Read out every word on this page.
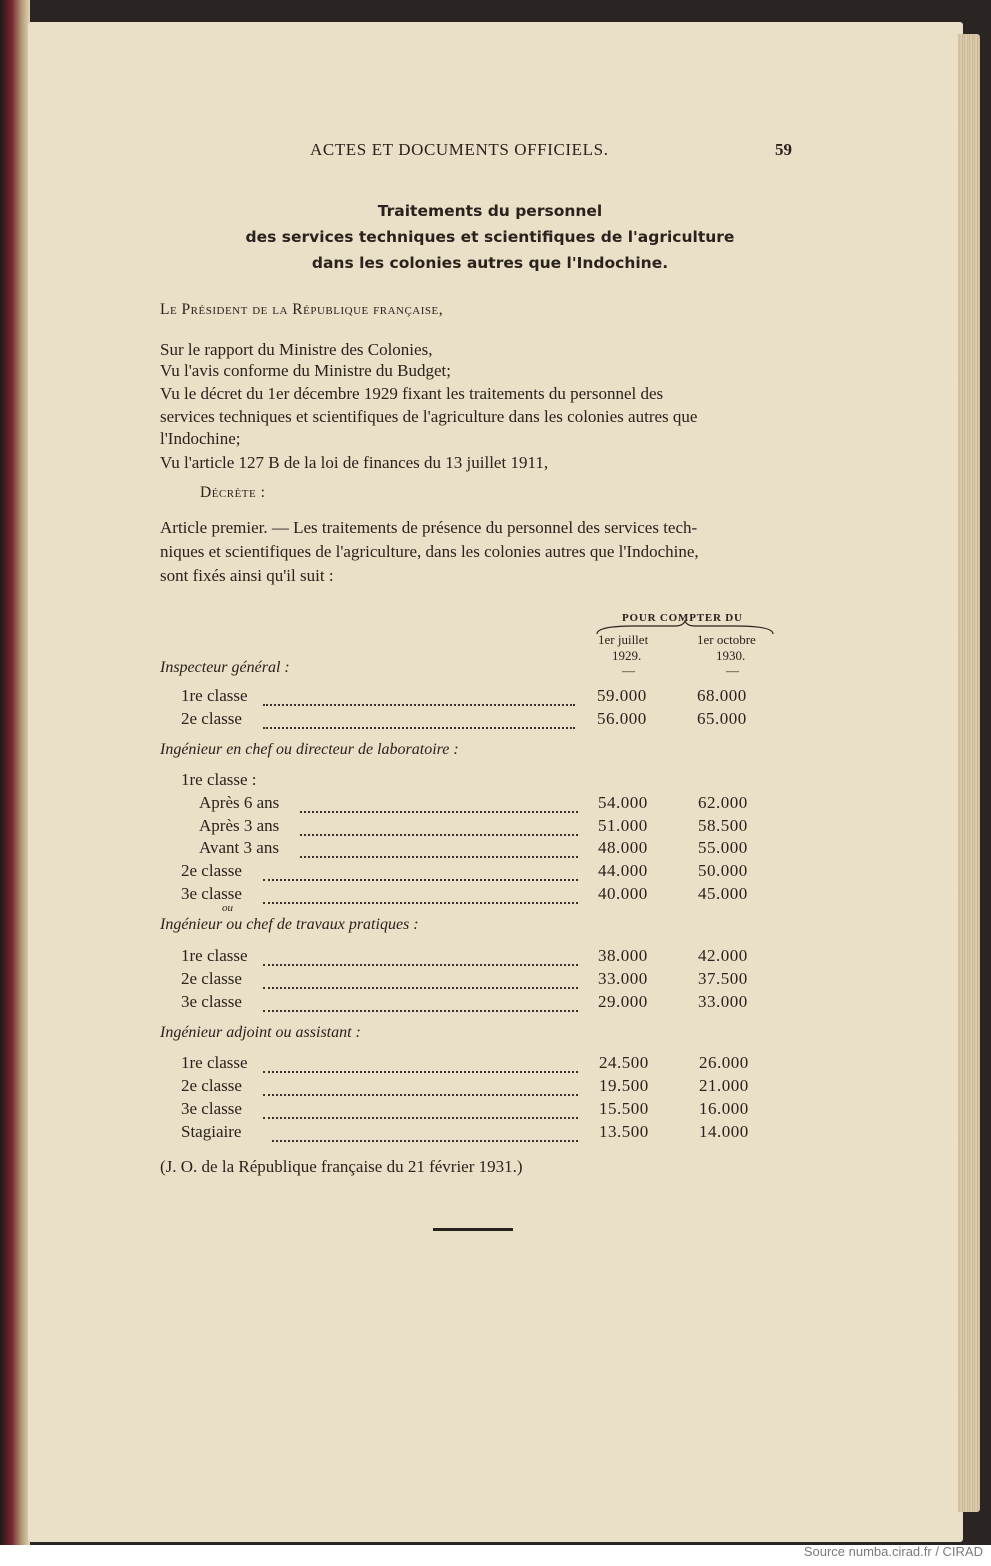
ACTES ET DOCUMENTS OFFICIELS.	59
Traitements du personnel
des services techniques et scientifiques de l'agriculture
dans les colonies autres que l'Indochine.
Le Président de la République française,
Sur le rapport du Ministre des Colonies,
Vu l'avis conforme du Ministre du Budget;
Vu le décret du 1er décembre 1929 fixant les traitements du personnel des
services techniques et scientifiques de l'agriculture dans les colonies autres que
l'Indochine;
Vu l'article 127 B de la loi de finances du 13 juillet 1911,
Décrète :
Article premier. — Les traitements de présence du personnel des services tech-
niques et scientifiques de l'agriculture, dans les colonies autres que l'Indochine,
sont fixés ainsi qu'il suit :
POUR COMPTER DU
1er juillet
1929.
—
1er octobre
1930.
—
Inspecteur général :
1re classe	59.000	68.000
2e classe	56.000	65.000
Ingénieur en chef ou directeur de laboratoire :
1re classe :
Après 6 ans	54.000	62.000
Après 3 ans	51.000	58.500
Avant 3 ans	48.000	55.000
2e classe	44.000	50.000
3e classe	40.000	45.000
ou
Ingénieur ou chef de travaux pratiques :
1re classe	38.000	42.000
2e classe	33.000	37.500
3e classe	29.000	33.000
Ingénieur adjoint ou assistant :
1re classe	24.500	26.000
2e classe	19.500	21.000
3e classe	15.500	16.000
Stagiaire	13.500	14.000
(J. O. de la République française du 21 février 1931.)
Source numba.cirad.fr / CIRAD
